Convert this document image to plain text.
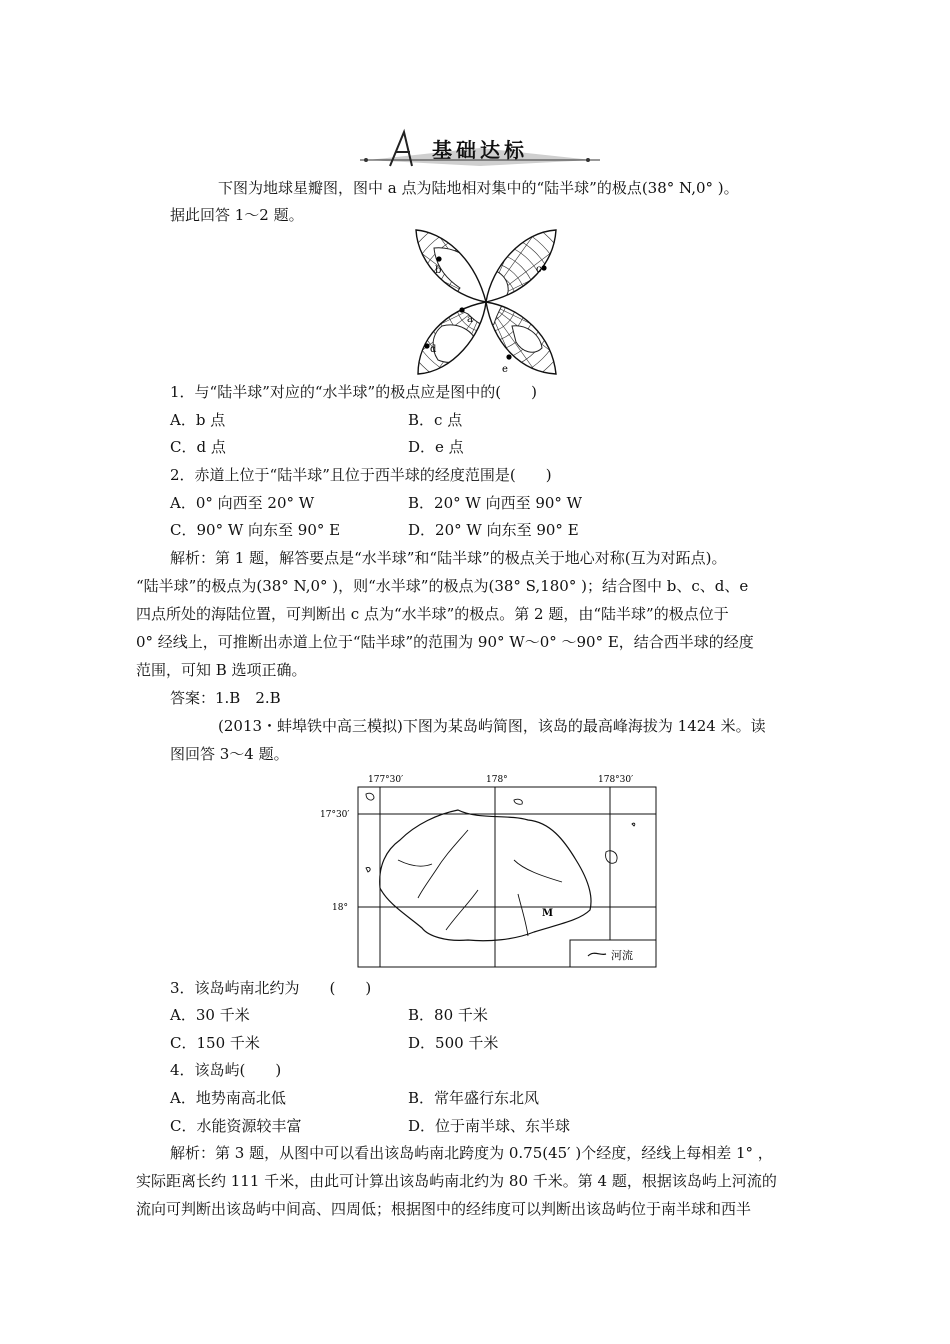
基础达标
下图为地球星瓣图，图中 a 点为陆地相对集中的“陆半球”的极点(38° N,0° )。
据此回答 1～2 题。
b	c
a
d
e
1．与“陆半球”对应的“水半球”的极点应是图中的(　　)
A．b 点	B．c 点
C．d 点	D．e 点
2．赤道上位于“陆半球”且位于西半球的经度范围是(　　)
A．0° 向西至 20° W	B．20° W 向西至 90° W
C．90° W 向东至 90° E	D．20° W 向东至 90° E
解析：第 1 题，解答要点是“水半球”和“陆半球”的极点关于地心对称(互为对跖点)。
“陆半球”的极点为(38° N,0° )，则“水半球”的极点为(38° S,180° )；结合图中 b、c、d、e
四点所处的海陆位置，可判断出 c 点为“水半球”的极点。第 2 题，由“陆半球”的极点位于
0° 经线上，可推断出赤道上位于“陆半球”的范围为 90° W～0° ～90° E，结合西半球的经度
范围，可知 B 选项正确。
答案：1.B　2.B
(2013・蚌埠铁中高三模拟)下图为某岛屿简图，该岛的最高峰海拔为 1424 米。读
图回答 3～4 题。
177°30′	178°	178°30′
17°30′
18°	M
河流
3．该岛屿南北约为　　(　　)
A．30 千米	B．80 千米
C．150 千米	D．500 千米
4．该岛屿(　　)
A．地势南高北低	B．常年盛行东北风
C．水能资源较丰富	D．位于南半球、东半球
解析：第 3 题，从图中可以看出该岛屿南北跨度为 0.75(45′ )个经度，经线上每相差 1° ，
实际距离长约 111 千米，由此可计算出该岛屿南北约为 80 千米。第 4 题，根据该岛屿上河流的
流向可判断出该岛屿中间高、四周低；根据图中的经纬度可以判断出该岛屿位于南半球和西半
